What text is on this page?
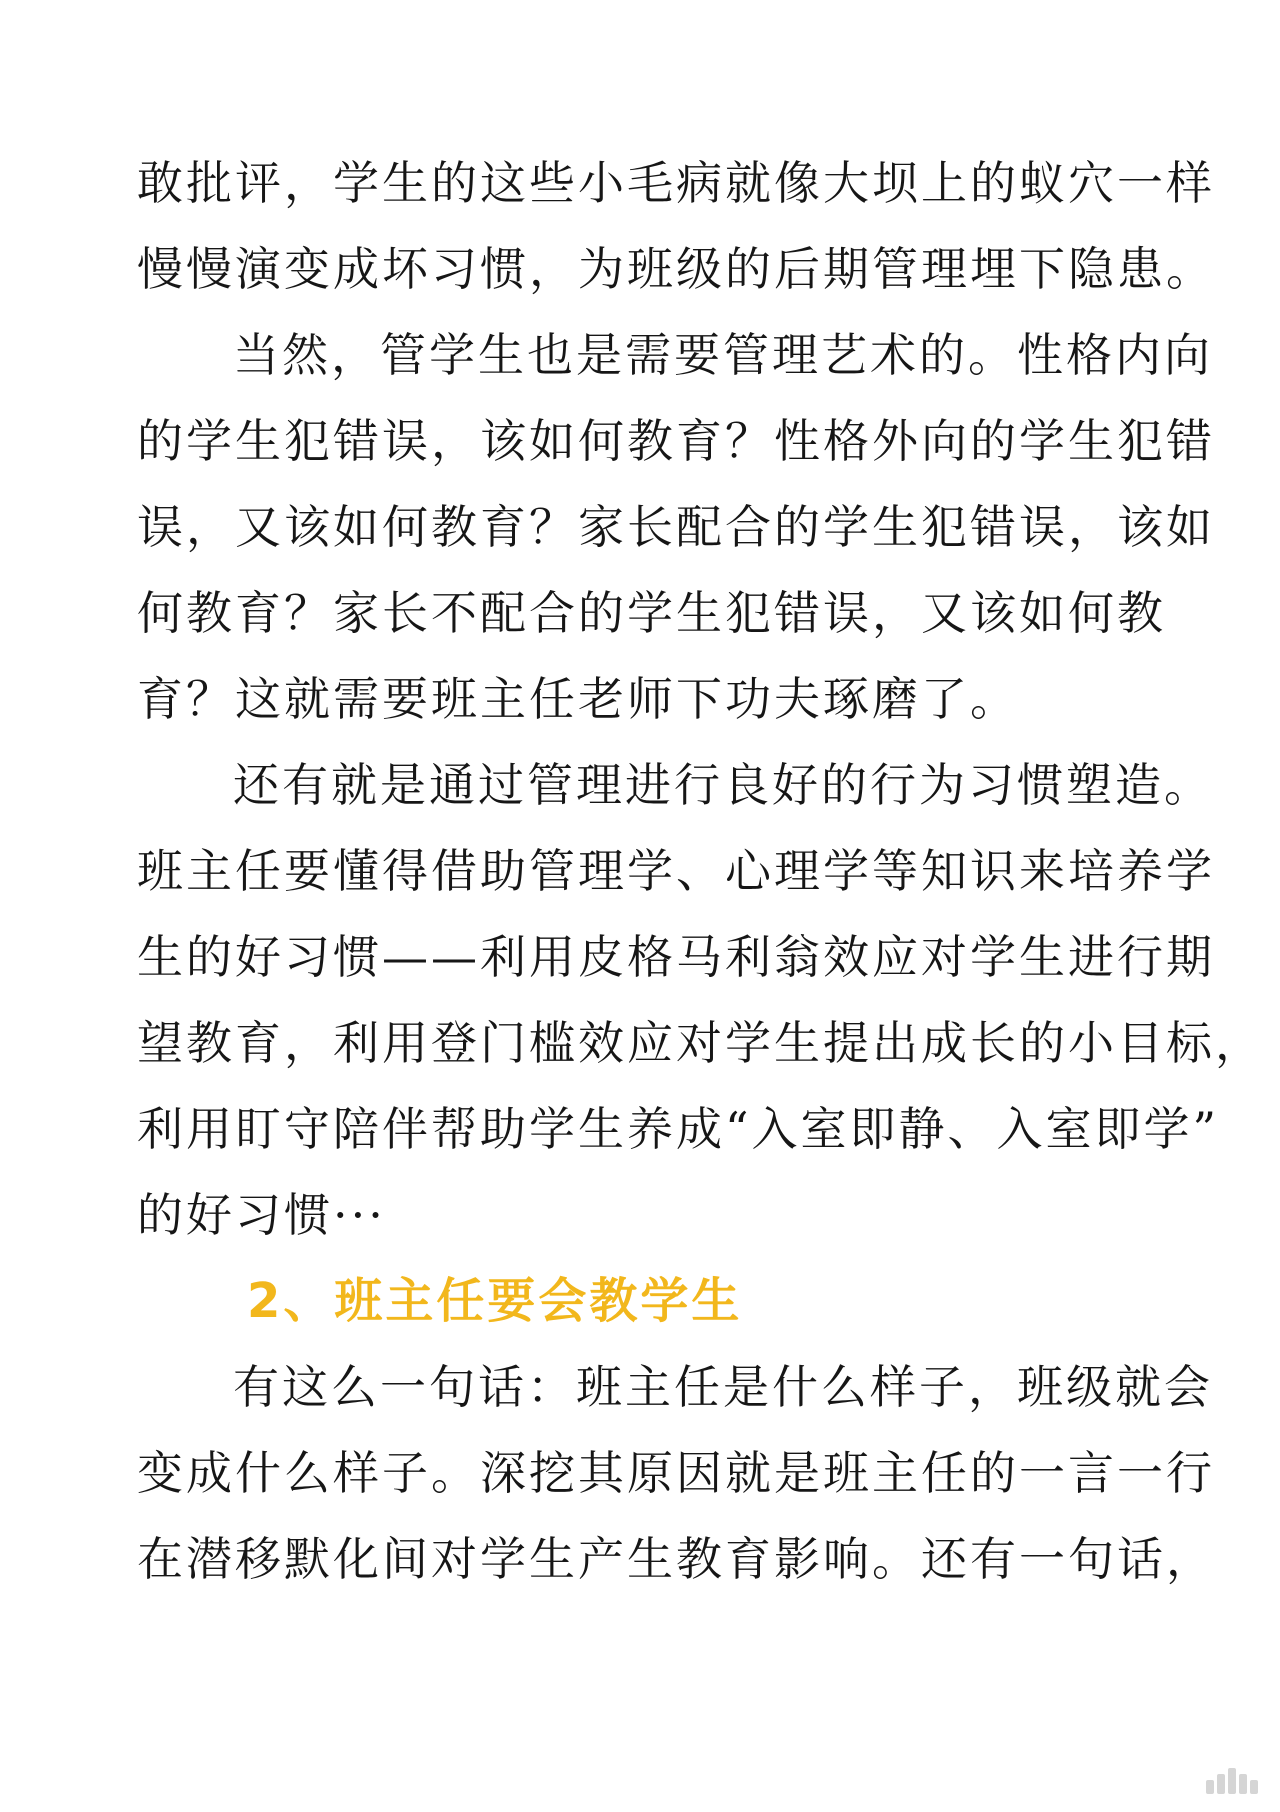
敢批评，学生的这些小毛病就像大坝上的蚁穴一样
慢慢演变成坏习惯，为班级的后期管理埋下隐患。
当然，管学生也是需要管理艺术的。性格内向
的学生犯错误，该如何教育？性格外向的学生犯错
误，又该如何教育？家长配合的学生犯错误，该如
何教育？家长不配合的学生犯错误，又该如何教
育？这就需要班主任老师下功夫琢磨了。
还有就是通过管理进行良好的行为习惯塑造。
班主任要懂得借助管理学、心理学等知识来培养学
生的好习惯——利用皮格马利翁效应对学生进行期
望教育，利用登门槛效应对学生提出成长的小目标，
利用盯守陪伴帮助学生养成“入室即静、入室即学”
的好习惯···
2、班主任要会教学生
有这么一句话：班主任是什么样子，班级就会
变成什么样子。深挖其原因就是班主任的一言一行
在潜移默化间对学生产生教育影响。还有一句话，
